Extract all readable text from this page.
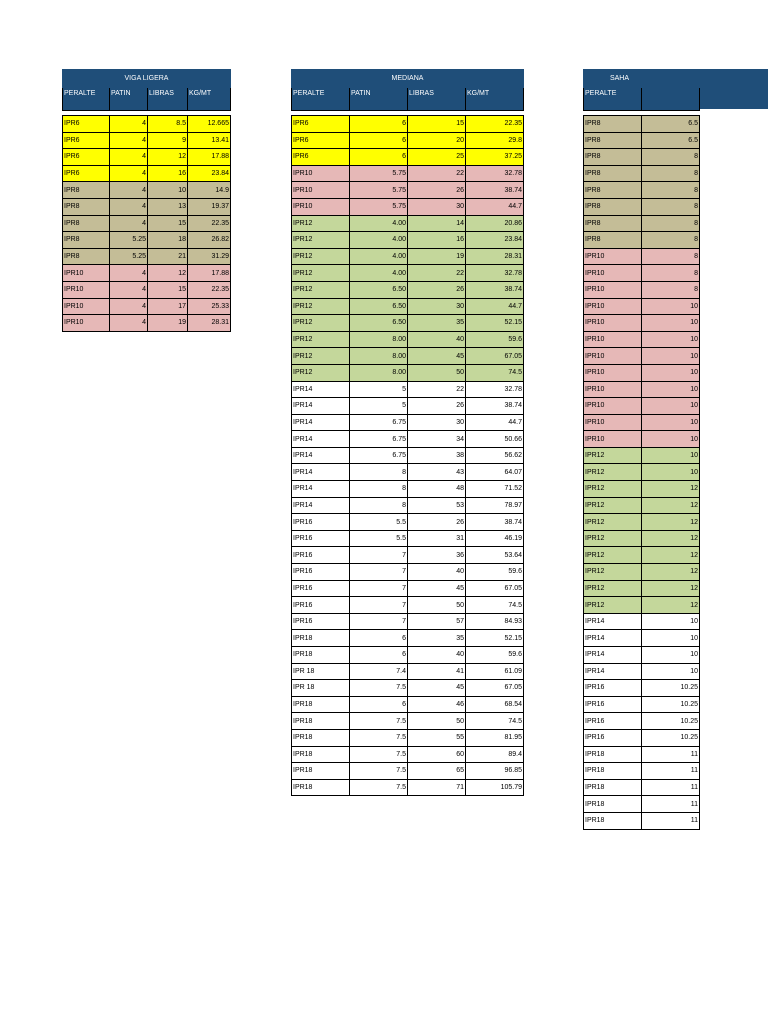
VIGA LIGERA			
PERALTE	PATIN	LIBRAS	KG/MT

IPR6	4	8.5	12.665
IPR6	4	9	13.41
IPR6	4	12	17.88
IPR6	4	16	23.84
IPR8	4	10	14.9
IPR8	4	13	19.37
IPR8	4	15	22.35
IPR8	5.25	18	26.82
IPR8	5.25	21	31.29
IPR10	4	12	17.88
IPR10	4	15	22.35
IPR10	4	17	25.33
IPR10	4	19	28.31
MEDIANA			
PERALTE	PATIN	LIBRAS	KG/MT

IPR6	6	15	22.35
IPR6	6	20	29.8
IPR6	6	25	37.25
IPR10	5.75	22	32.78
IPR10	5.75	26	38.74
IPR10	5.75	30	44.7
IPR12	4.00	14	20.86
IPR12	4.00	16	23.84
IPR12	4.00	19	28.31
IPR12	4.00	22	32.78
IPR12	6.50	26	38.74
IPR12	6.50	30	44.7
IPR12	6.50	35	52.15
IPR12	8.00	40	59.6
IPR12	8.00	45	67.05
IPR12	8.00	50	74.5
IPR14	5	22	32.78
IPR14	5	26	38.74
IPR14	6.75	30	44.7
IPR14	6.75	34	50.66
IPR14	6.75	38	56.62
IPR14	8	43	64.07
IPR14	8	48	71.52
IPR14	8	53	78.97
IPR16	5.5	26	38.74
IPR16	5.5	31	46.19
IPR16	7	36	53.64
IPR16	7	40	59.6
IPR16	7	45	67.05
IPR16	7	50	74.5
IPR16	7	57	84.93
IPR18	6	35	52.15
IPR18	6	40	59.6
IPR 18	7.4	41	61.09
IPR 18	7.5	45	67.05
IPR18	6	46	68.54
IPR18	7.5	50	74.5
IPR18	7.5	55	81.95
IPR18	7.5	60	89.4
IPR18	7.5	65	96.85
IPR18	7.5	71	105.79
SAHA	
PERALTE	

IPR8	6.5
IPR8	6.5
IPR8	8
IPR8	8
IPR8	8
IPR8	8
IPR8	8
IPR8	8
IPR10	8
IPR10	8
IPR10	8
IPR10	10
IPR10	10
IPR10	10
IPR10	10
IPR10	10
IPR10	10
IPR10	10
IPR10	10
IPR10	10
IPR12	10
IPR12	10
IPR12	12
IPR12	12
IPR12	12
IPR12	12
IPR12	12
IPR12	12
IPR12	12
IPR12	12
IPR14	10
IPR14	10
IPR14	10
IPR14	10
IPR16	10.25
IPR16	10.25
IPR16	10.25
IPR16	10.25
IPR18	11
IPR18	11
IPR18	11
IPR18	11
IPR18	11
